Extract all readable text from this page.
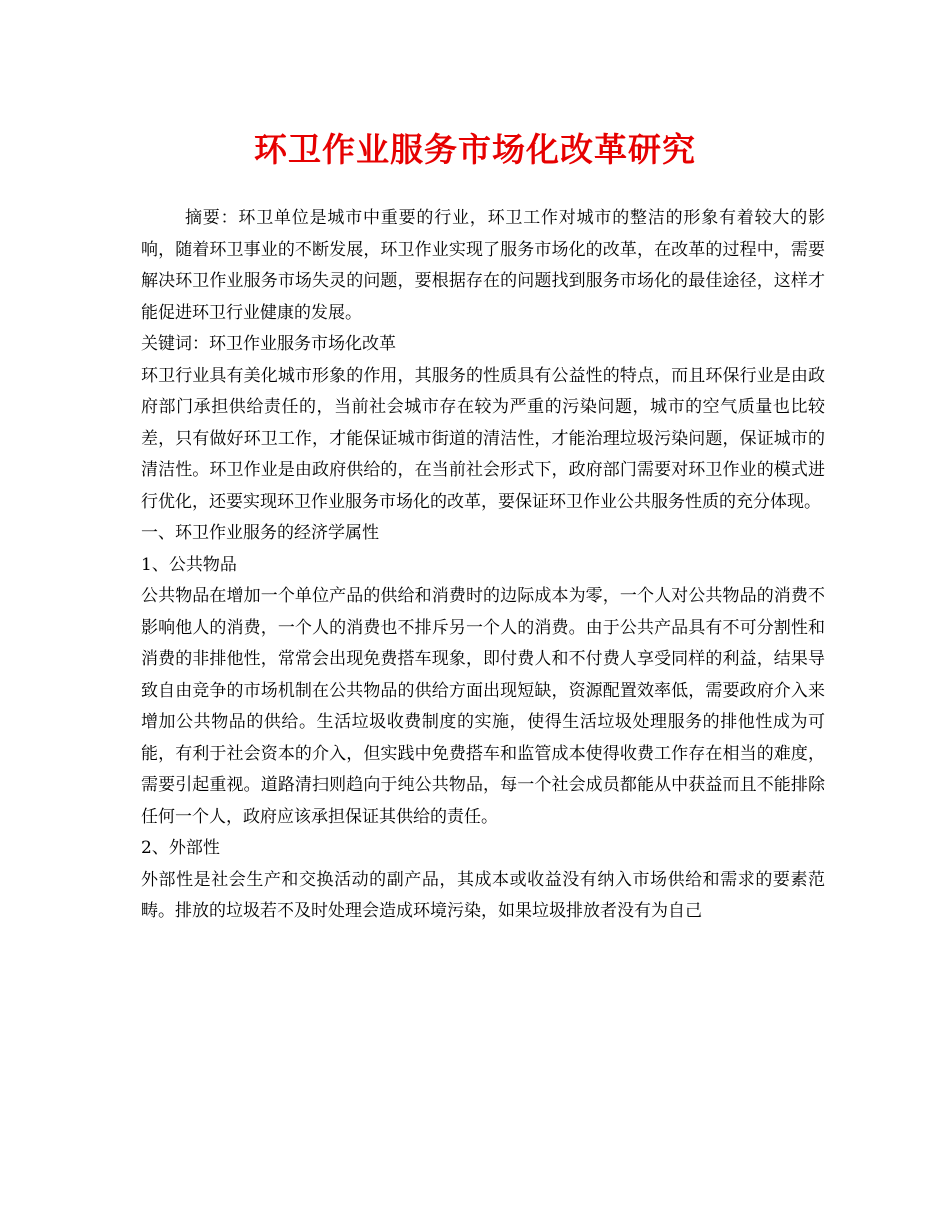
环卫作业服务市场化改革研究

摘要：环卫单位是城市中重要的行业，环卫工作对城市的整洁的形象有着较大的影响，随着环卫事业的不断发展，环卫作业实现了服务市场化的改革，在改革的过程中，需要解决环卫作业服务市场失灵的问题，要根据存在的问题找到服务市场化的最佳途径，这样才能促进环卫行业健康的发展。

关键词：环卫作业服务市场化改革

环卫行业具有美化城市形象的作用，其服务的性质具有公益性的特点，而且环保行业是由政府部门承担供给责任的，当前社会城市存在较为严重的污染问题，城市的空气质量也比较差，只有做好环卫工作，才能保证城市街道的清洁性，才能治理垃圾污染问题，保证城市的清洁性。环卫作业是由政府供给的，在当前社会形式下，政府部门需要对环卫作业的模式进行优化，还要实现环卫作业服务市场化的改革，要保证环卫作业公共服务性质的充分体现。

一、环卫作业服务的经济学属性

1、公共物品

公共物品在增加一个单位产品的供给和消费时的边际成本为零，一个人对公共物品的消费不影响他人的消费，一个人的消费也不排斥另一个人的消费。由于公共产品具有不可分割性和消费的非排他性，常常会出现免费搭车现象，即付费人和不付费人享受同样的利益，结果导致自由竞争的市场机制在公共物品的供给方面出现短缺，资源配置效率低，需要政府介入来增加公共物品的供给。生活垃圾收费制度的实施，使得生活垃圾处理服务的排他性成为可能，有利于社会资本的介入，但实践中免费搭车和监管成本使得收费工作存在相当的难度，需要引起重视。道路清扫则趋向于纯公共物品，每一个社会成员都能从中获益而且不能排除任何一个人，政府应该承担保证其供给的责任。

2、外部性

外部性是社会生产和交换活动的副产品，其成本或收益没有纳入市场供给和需求的要素范畴。排放的垃圾若不及时处理会造成环境污染，如果垃圾排放者没有为自己
